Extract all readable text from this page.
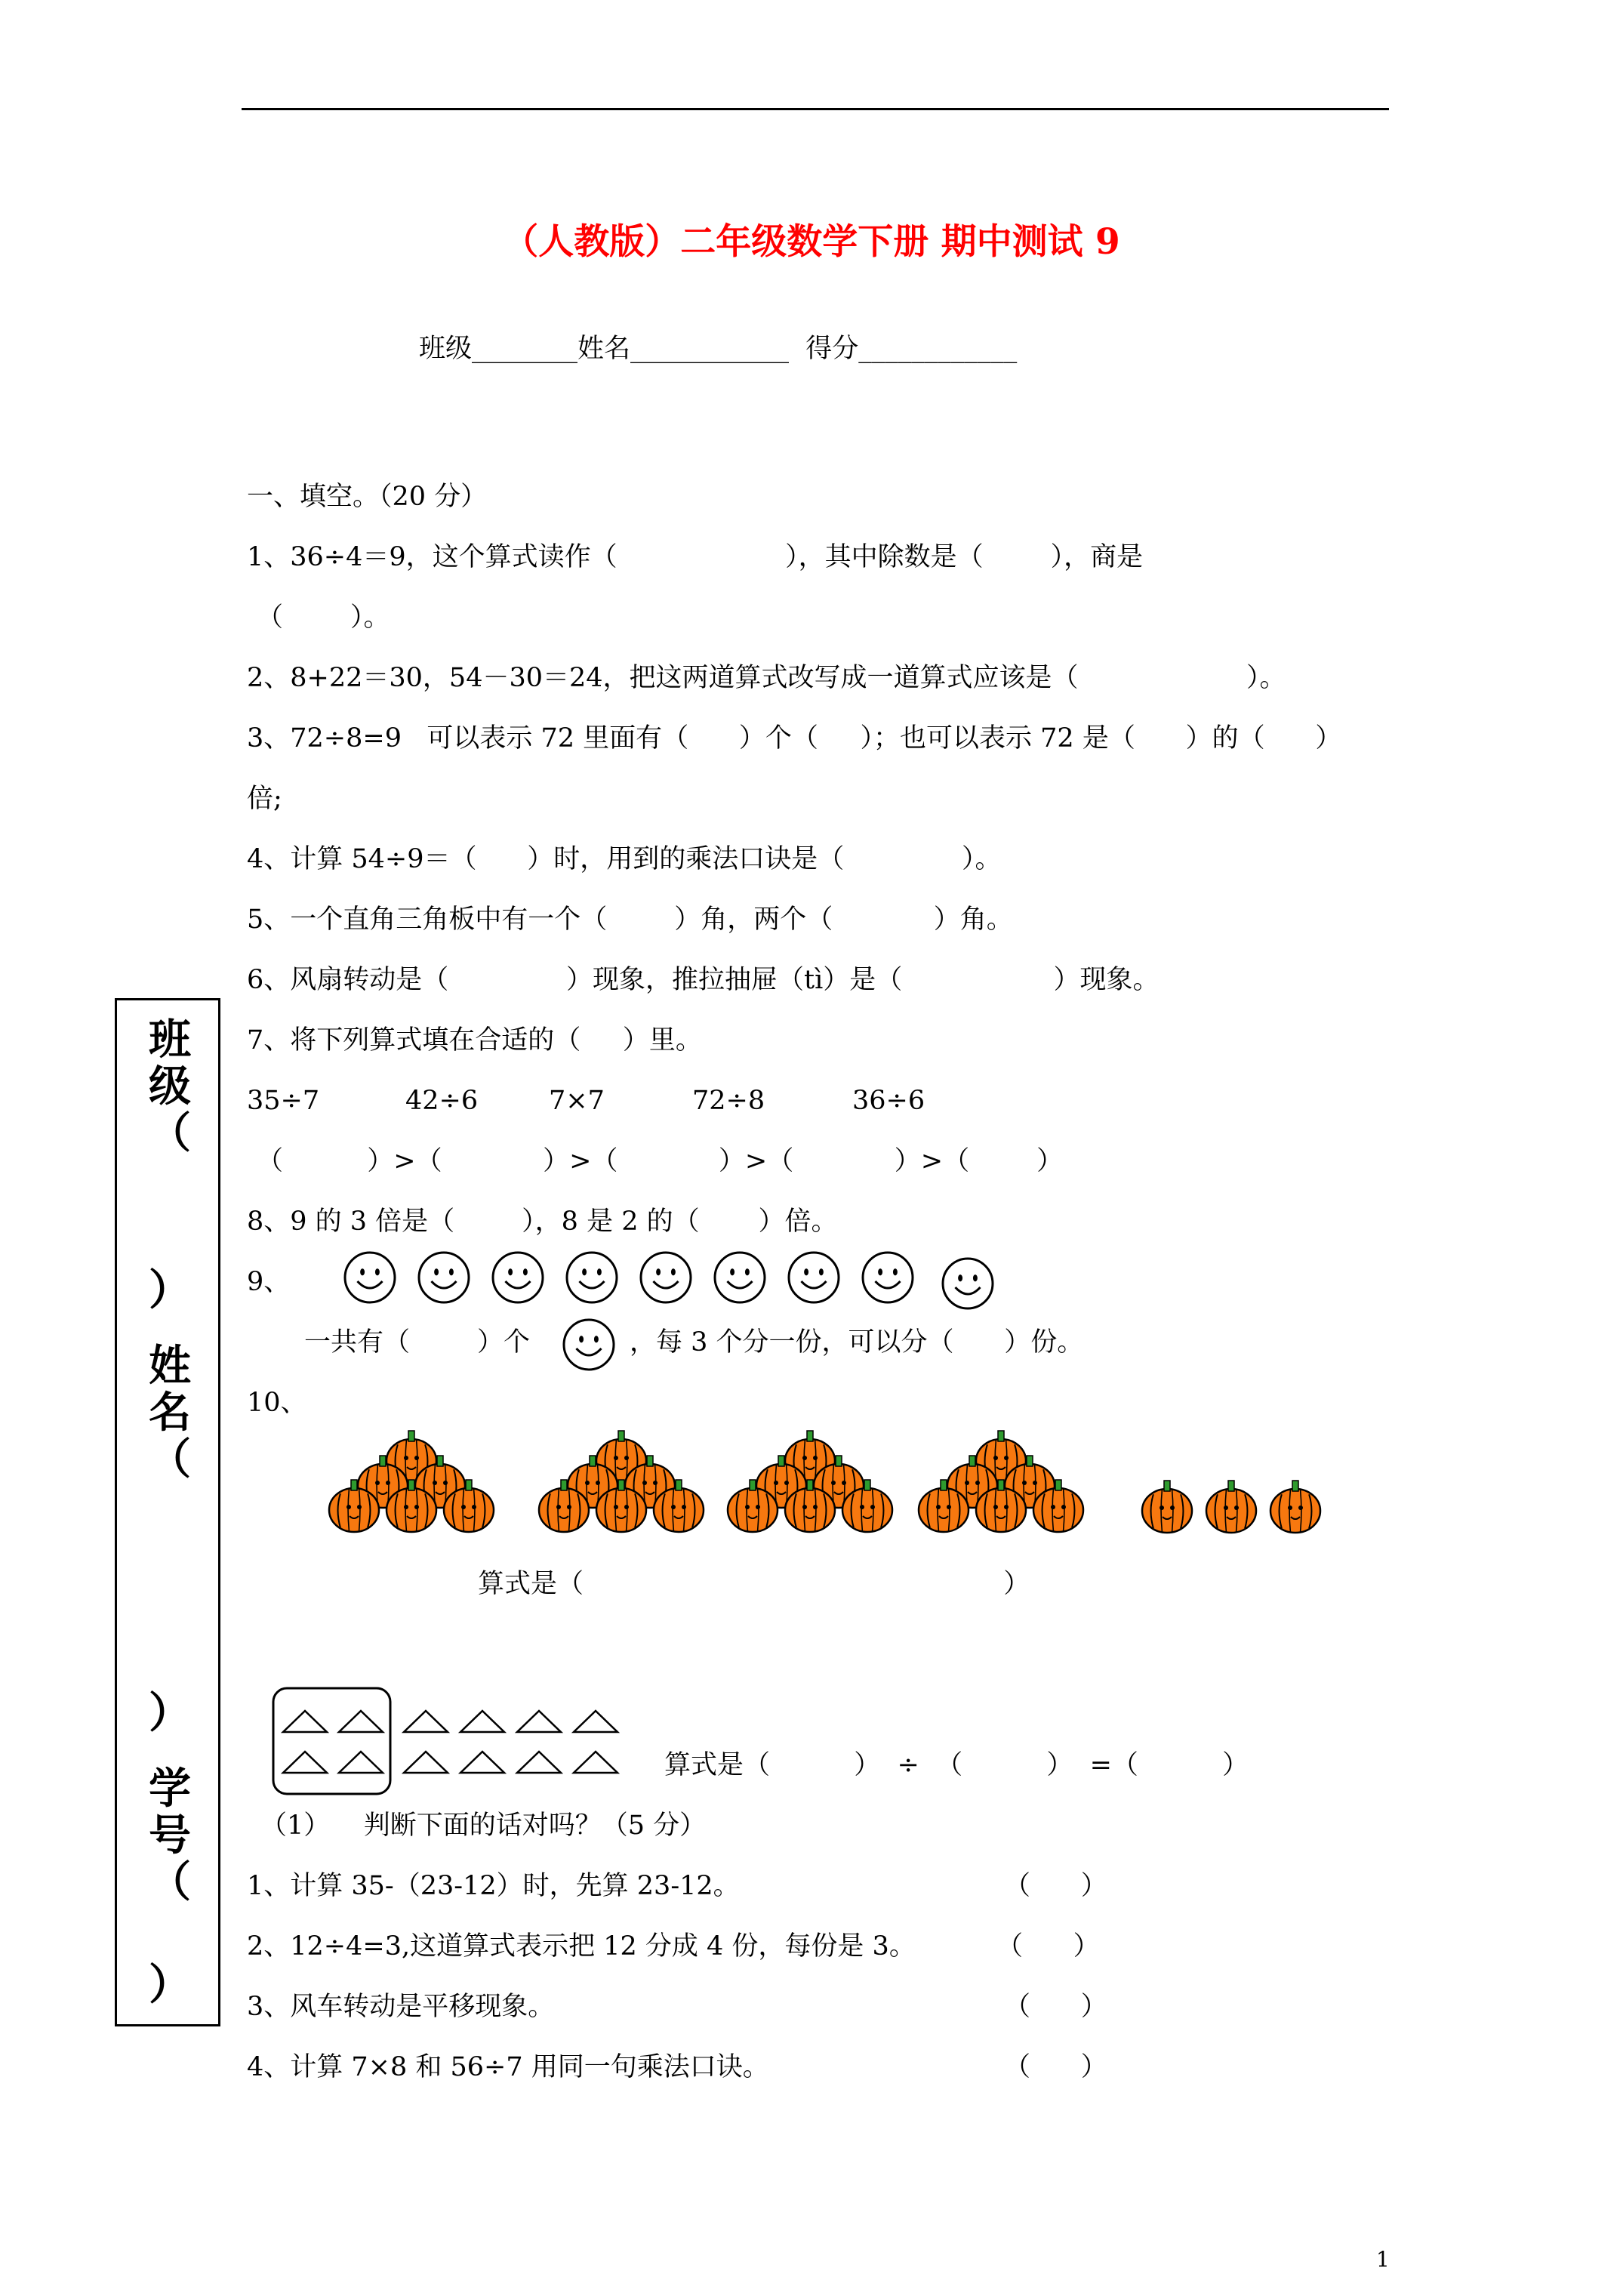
（人教版）二年级数学下册 期中测试 9
班级________姓名____________  得分____________
班
级
（
）
姓
名
（
）
学
号
（
）
一、填空。（20 分）
1、36÷4＝9，这个算式读作（                    ），其中除数是（        ），商是
（        ）。
2、8+22＝30，54－30＝24，把这两道算式改写成一道算式应该是（                    ）。
3、72÷8=9   可以表示 72 里面有（      ）个（     ）；也可以表示 72 是（      ）的（      ）
倍;
4、计算 54÷9＝（      ）时，用到的乘法口诀是（              ）。
5、一个直角三角板中有一个（        ）角，两个（            ）角。
6、风扇转动是（              ）现象，推拉抽屉（tì）是（                  ）现象。
7、将下列算式填在合适的（     ）里。
35÷7	42÷6	7×7	72÷8	36÷6
（          ）>（            ）>（            ）>（            ）>（        ）
8、9 的 3 倍是（        ），8 是 2 的（       ）倍。
9、
一共有（        ）个	，每 3 个分一份，可以分（      ）份。
10、
算式是（                                                  ）
算式是（          ）  ÷  （          ）  =（          ）
（1）    判断下面的话对吗？（5 分）
1、计算 35-（23-12）时，先算 23-12。	（      ）
2、12÷4=3,这道算式表示把 12 分成 4 份，每份是 3。	（      ）
3、风车转动是平移现象。	（      ）
4、计算 7×8 和 56÷7 用同一句乘法口诀。	（      ）
1
